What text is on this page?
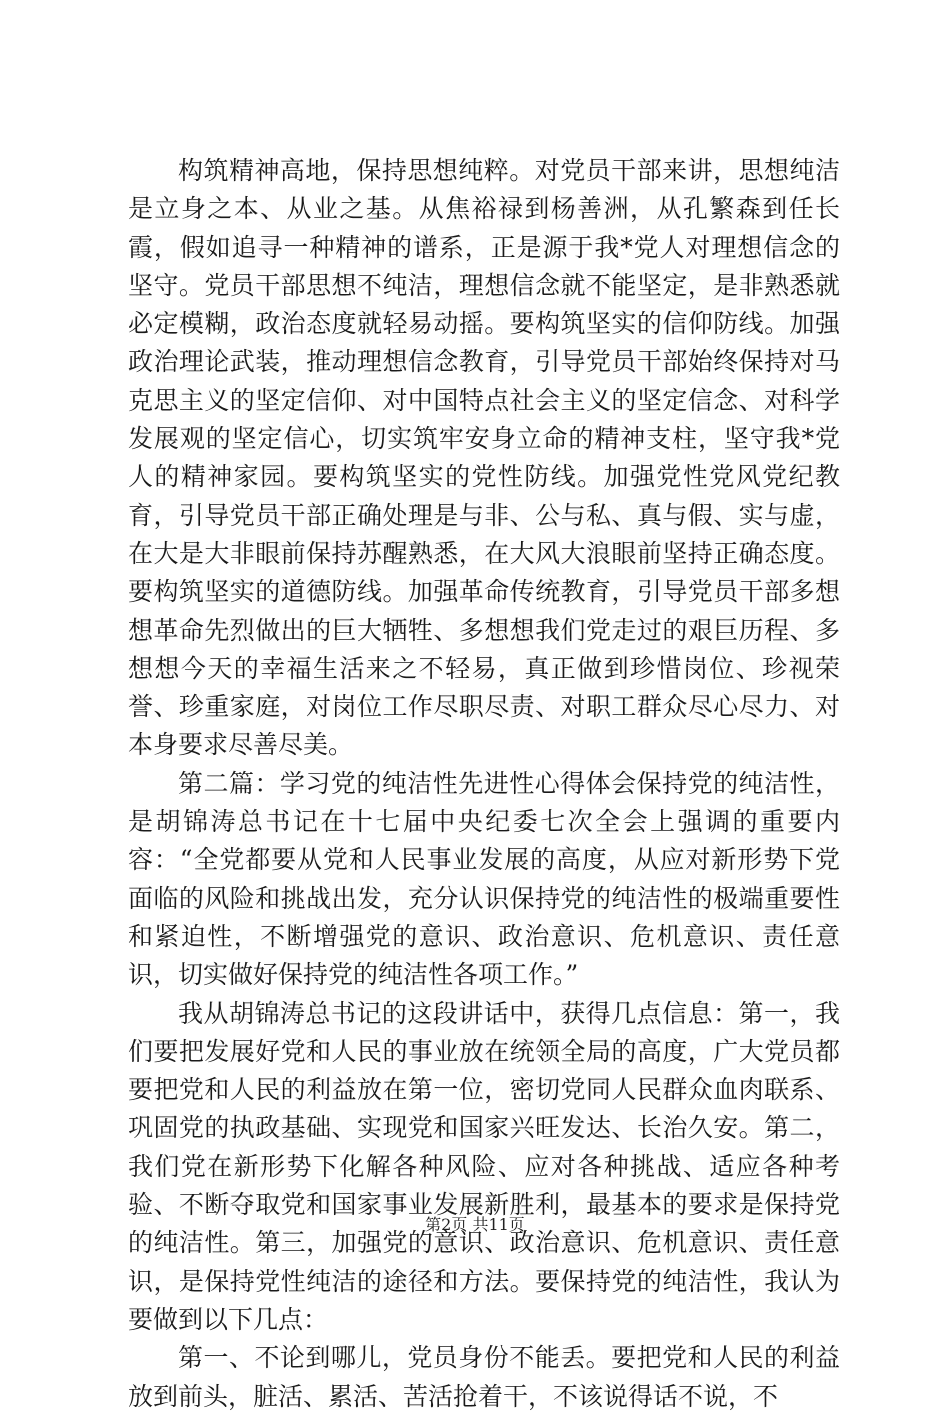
构筑精神高地，保持思想纯粹。对党员干部来讲，思想纯洁是立身之本、从业之基。从焦裕禄到杨善洲，从孔繁森到任长霞，假如追寻一种精神的谱系，正是源于我*党人对理想信念的坚守。党员干部思想不纯洁，理想信念就不能坚定，是非熟悉就必定模糊，政治态度就轻易动摇。要构筑坚实的信仰防线。加强政治理论武装，推动理想信念教育，引导党员干部始终保持对马克思主义的坚定信仰、对中国特点社会主义的坚定信念、对科学发展观的坚定信心，切实筑牢安身立命的精神支柱，坚守我*党人的精神家园。要构筑坚实的党性防线。加强党性党风党纪教育，引导党员干部正确处理是与非、公与私、真与假、实与虚，在大是大非眼前保持苏醒熟悉，在大风大浪眼前坚持正确态度。要构筑坚实的道德防线。加强革命传统教育，引导党员干部多想想革命先烈做出的巨大牺牲、多想想我们党走过的艰巨历程、多想想今天的幸福生活来之不轻易，真正做到珍惜岗位、珍视荣誉、珍重家庭，对岗位工作尽职尽责、对职工群众尽心尽力、对本身要求尽善尽美。

第二篇：学习党的纯洁性先进性心得体会保持党的纯洁性，是胡锦涛总书记在十七届中央纪委七次全会上强调的重要内容：“全党都要从党和人民事业发展的高度，从应对新形势下党面临的风险和挑战出发，充分认识保持党的纯洁性的极端重要性和紧迫性，不断增强党的意识、政治意识、危机意识、责任意识，切实做好保持党的纯洁性各项工作。”

我从胡锦涛总书记的这段讲话中，获得几点信息：第一，我们要把发展好党和人民的事业放在统领全局的高度，广大党员都要把党和人民的利益放在第一位，密切党同人民群众血肉联系、巩固党的执政基础、实现党和国家兴旺发达、长治久安。第二，我们党在新形势下化解各种风险、应对各种挑战、适应各种考验、不断夺取党和国家事业发展新胜利，最基本的要求是保持党的纯洁性。第三，加强党的意识、政治意识、危机意识、责任意识，是保持党性纯洁的途径和方法。要保持党的纯洁性，我认为要做到以下几点：

第一、不论到哪儿，党员身份不能丢。要把党和人民的利益放到前头，脏活、累活、苦活抢着干，不该说得话不说，不

第2页 共11页
